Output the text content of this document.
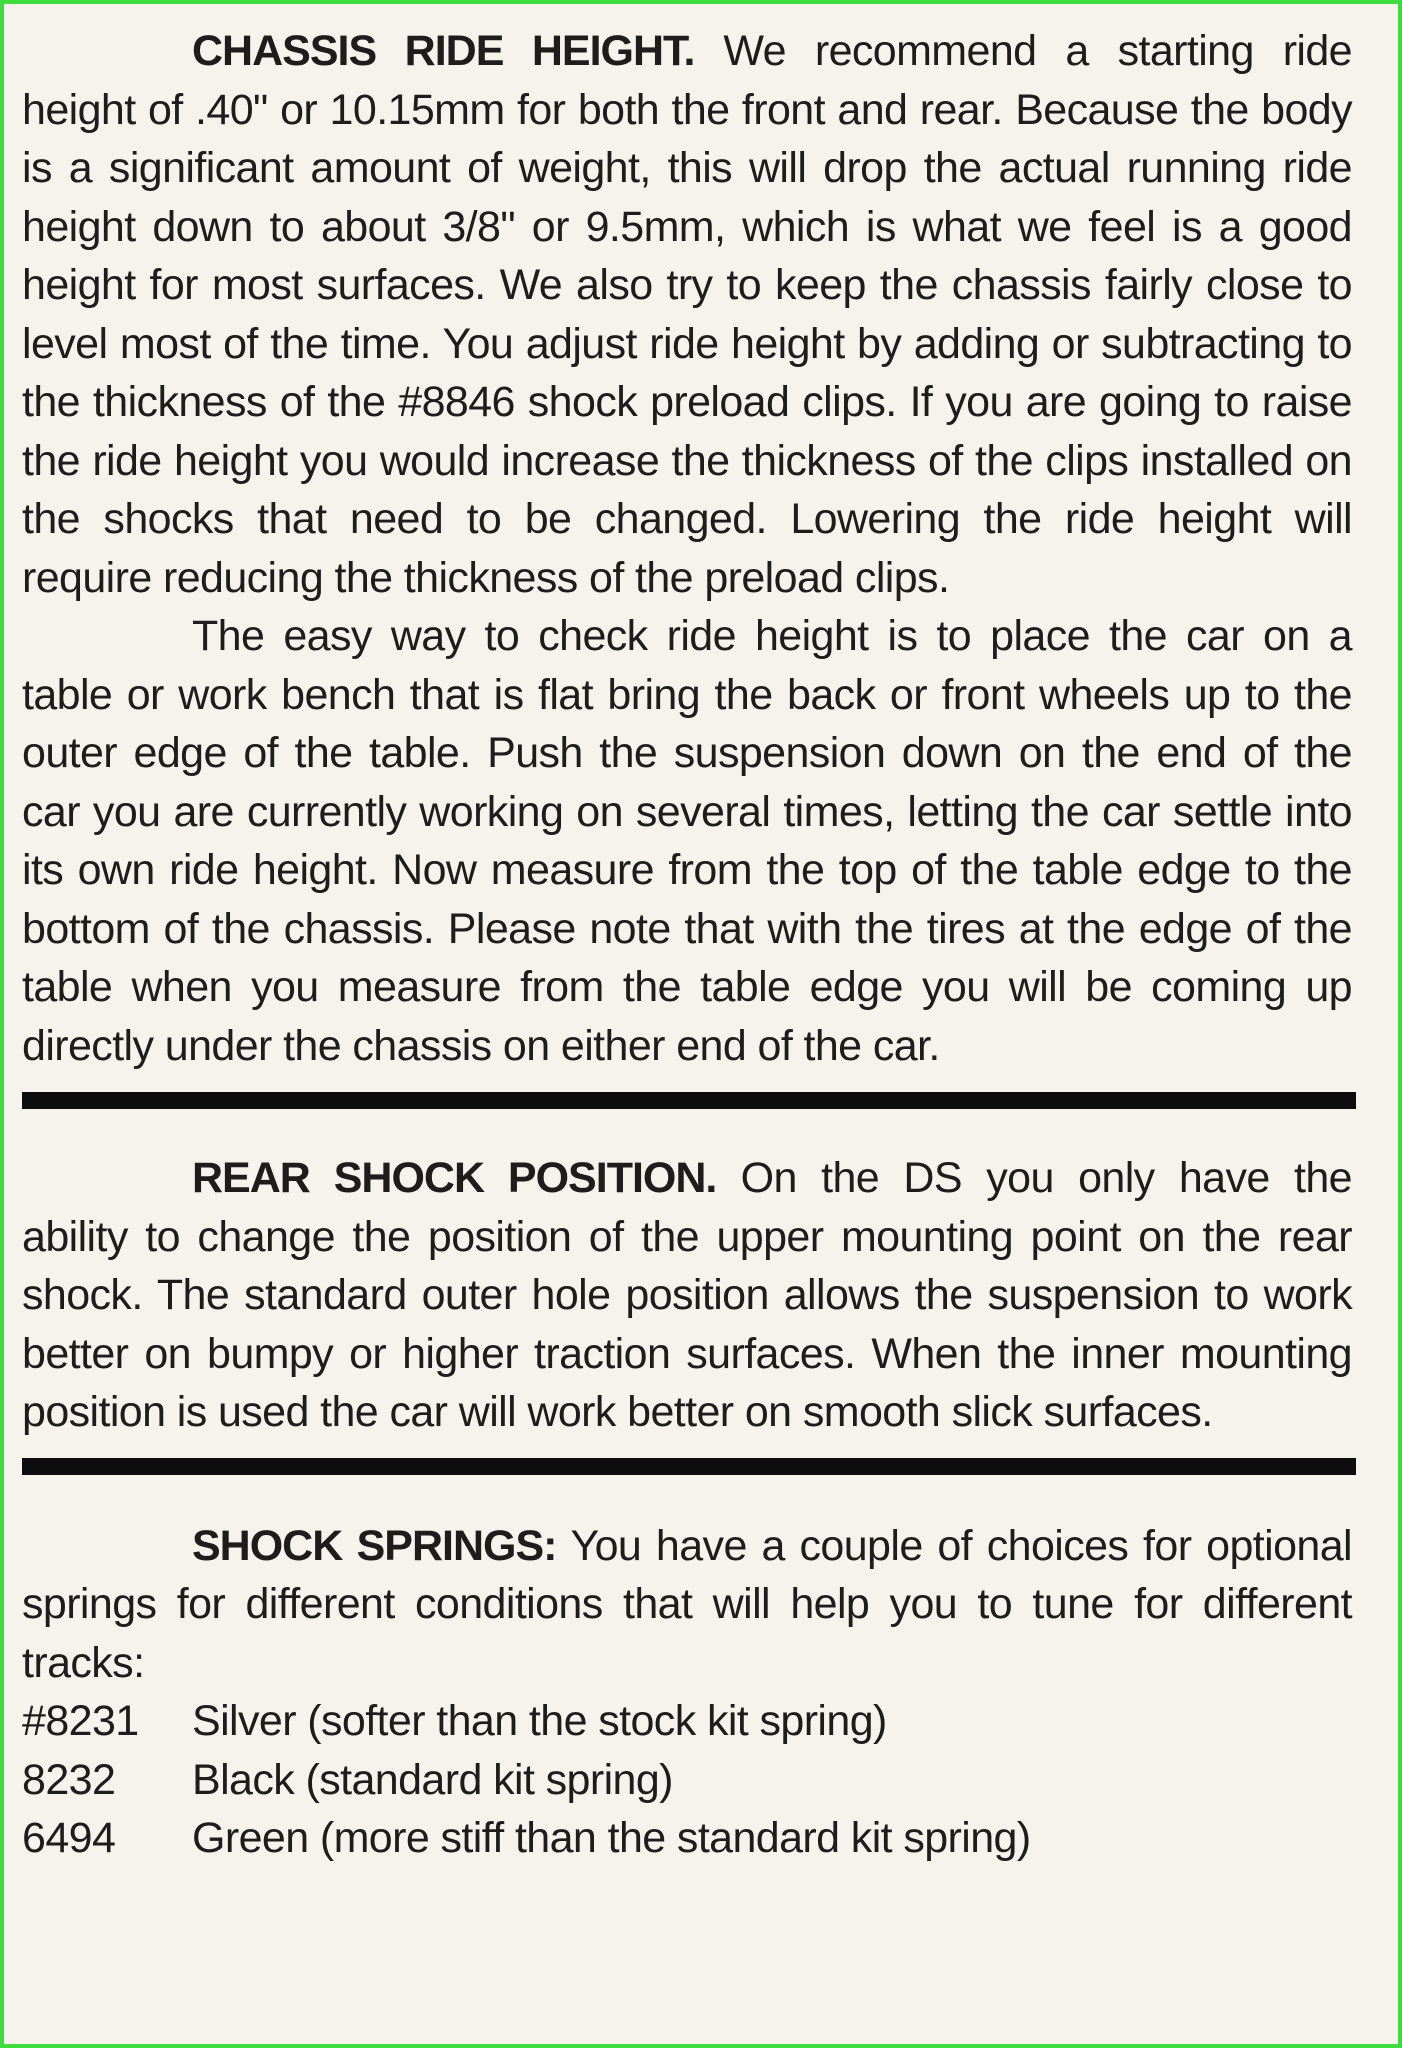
CHASSIS RIDE HEIGHT. We recommend a starting ride height of .40" or 10.15mm for both the front and rear. Because the body is a significant amount of weight, this will drop the actual running ride height down to about 3/8" or 9.5mm, which is what we feel is a good height for most surfaces. We also try to keep the chassis fairly close to level most of the time. You adjust ride height by adding or subtracting to the thickness of the #8846 shock preload clips. If you are going to raise the ride height you would increase the thickness of the clips installed on the shocks that need to be changed. Lowering the ride height will require reducing the thickness of the preload clips.

The easy way to check ride height is to place the car on a table or work bench that is flat bring the back or front wheels up to the outer edge of the table. Push the suspension down on the end of the car you are currently working on several times, letting the car settle into its own ride height. Now measure from the top of the table edge to the bottom of the chassis. Please note that with the tires at the edge of the table when you measure from the table edge you will be coming up directly under the chassis on either end of the car.

REAR SHOCK POSITION. On the DS you only have the ability to change the position of the upper mounting point on the rear shock. The standard outer hole position allows the suspension to work better on bumpy or higher traction surfaces. When the inner mounting position is used the car will work better on smooth slick surfaces.

SHOCK SPRINGS: You have a couple of choices for optional springs for different conditions that will help you to tune for different tracks:

#8231	Silver (softer than the stock kit spring)
8232	Black (standard kit spring)
6494	Green (more stiff than the standard kit spring)
